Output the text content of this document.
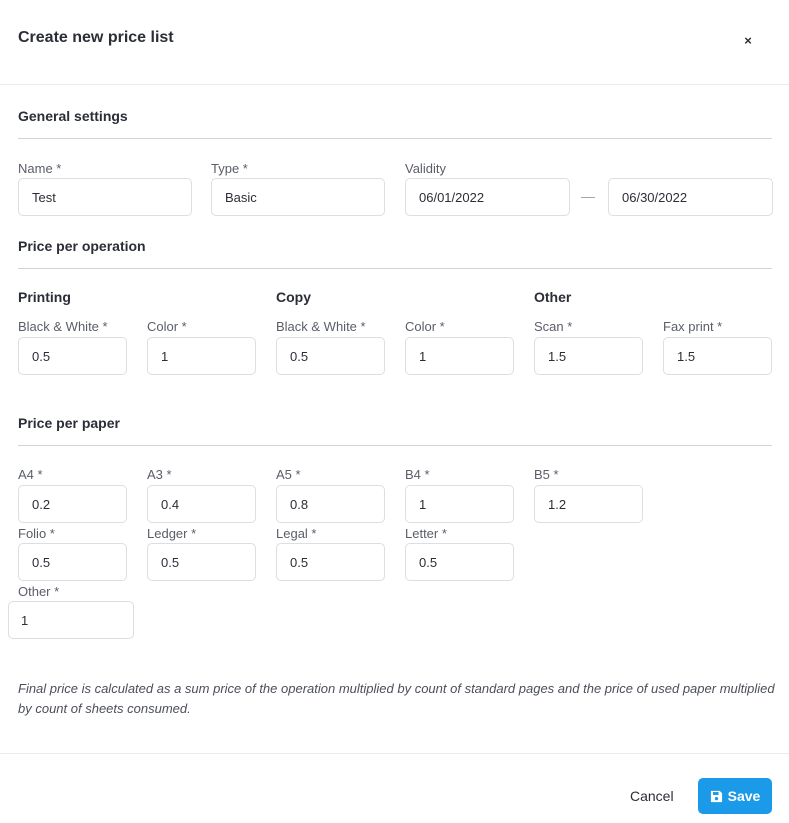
Create new price list	×
General settings
Name *
Test	Type *
Basic	Validity
06/01/2022
—
06/30/2022
Price per operation
Printing	Copy	Other
Black & White *
0.5	Color *
1	Black & White *
0.5	Color *
1	Scan *
1.5	Fax print *
1.5
Price per paper
A4 *
0.2	A3 *
0.4	A5 *
0.8	B4 *
1	B5 *
1.2
Folio *
0.5	Ledger *
0.5	Legal *
0.5	Letter *
0.5
Other *
1
Final price is calculated as a sum price of the operation multiplied by count of standard pages and the price of used paper multiplied by count of sheets consumed.
Cancel	Save
